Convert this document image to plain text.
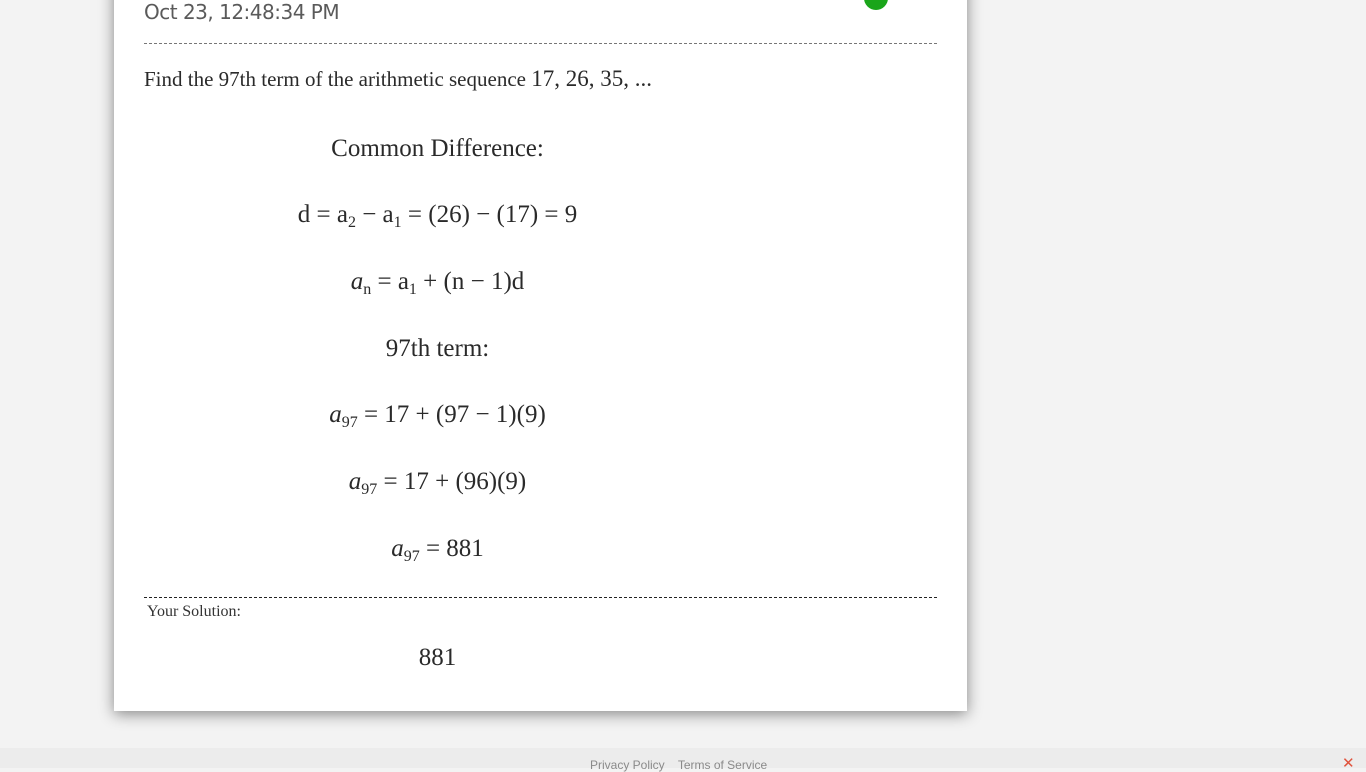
Oct 23, 12:48:34 PM
Find the 97th term of the arithmetic sequence 17, 26, 35, ...
Common Difference:
$d = a_2 - a_1 = (26) - (17) = 9$
$a_n = a_1 + (n - 1)d$
97th term:
$a_{97} = 17 + (97 - 1)(9)$
$a_{97} = 17 + (96)(9)$
$a_{97} = 881$
Your Solution:
881
Privacy Policy Terms of Service	✕
